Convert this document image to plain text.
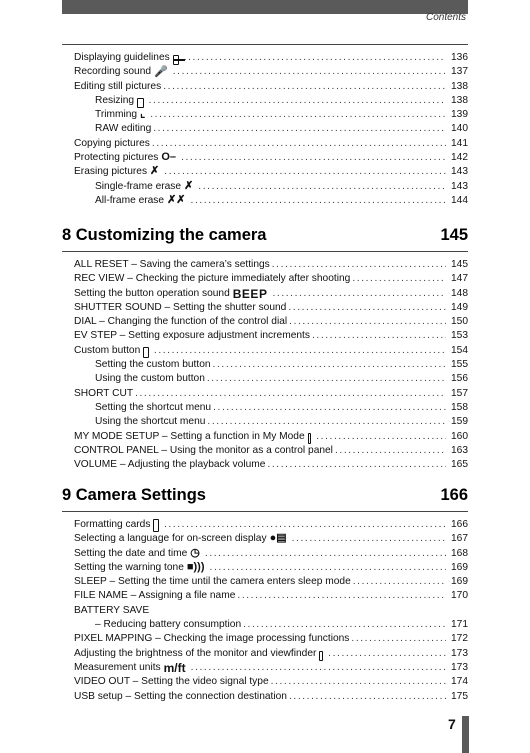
Contents
Displaying guidelines .....	136
Recording sound 🎤 .....	137
Editing still pictures .....	138
Resizing .....	138
Trimming ⌞ .....	139
RAW editing .....	140
Copying pictures .....	141
Protecting pictures O– .....	142
Erasing pictures ✗ .....	143
Single-frame erase ✗ .....	143
All-frame erase ✗✗ .....	144
8 Customizing the camera	145
ALL RESET – Saving the camera’s settings .....	145
REC VIEW – Checking the picture immediately after shooting .....	147
Setting the button operation sound BEEP .....	148
SHUTTER SOUND – Setting the shutter sound .....	149
DIAL – Changing the function of the control dial .....	150
EV STEP – Setting exposure adjustment increments .....	153
Custom button .....	154
Setting the custom button .....	155
Using the custom button .....	156
SHORT CUT .....	157
Setting the shortcut menu .....	158
Using the shortcut menu .....	159
MY MODE SETUP – Setting a function in My Mode .....	160
CONTROL PANEL – Using the monitor as a control panel .....	163
VOLUME – Adjusting the playback volume .....	165
9 Camera Settings	166
Formatting cards .....	166
Selecting a language for on-screen display ●▤ .....	167
Setting the date and time ◷ .....	168
Setting the warning tone ■))) .....	169
SLEEP – Setting the time until the camera enters sleep mode .....	169
FILE NAME – Assigning a file name .....	170
BATTERY SAVE
– Reducing battery consumption .....	171
PIXEL MAPPING – Checking the image processing functions .....	172
Adjusting the brightness of the monitor and viewfinder .....	173
Measurement units m/ft .....	173
VIDEO OUT – Setting the video signal type .....	174
USB setup – Setting the connection destination .....	175
7
